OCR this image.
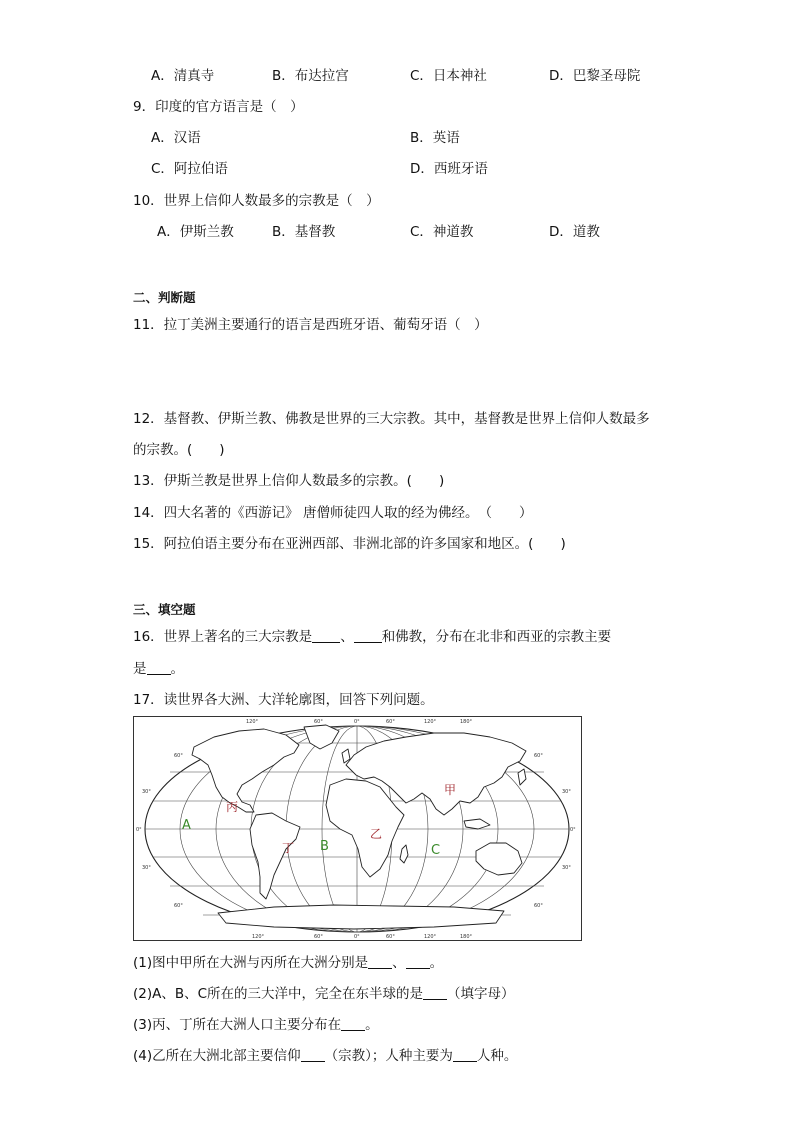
A．清真寺	B．布达拉宫	C．日本神社	D．巴黎圣母院
9．印度的官方语言是（　）
A．汉语	B．英语
C．阿拉伯语	D．西班牙语
10．世界上信仰人数最多的宗教是（　）
A．伊斯兰教	B．基督教	C．神道教	D．道教
二、判断题
11．拉丁美洲主要通行的语言是西班牙语、葡萄牙语（　）
12．基督教、伊斯兰教、佛教是世界的三大宗教。其中，基督教是世界上信仰人数最多
的宗教。(　　)
13．伊斯兰教是世界上信仰人数最多的宗教。(　　)
14．四大名著的《西游记》 唐僧师徒四人取的经为佛经。　（　　）
15．阿拉伯语主要分布在亚洲西部、非洲北部的许多国家和地区。(　　)
三、填空题
16．世界上著名的三大宗教是 、 和佛教，分布在北非和西亚的宗教主要
是 。
17．读世界各大洲、大洋轮廓图，回答下列问题。
120°	60°	0°	60°	120°	180°
120°	60°	0°	60°	120°	180°
60°
30°
0°
30°
60°
60°
30°
0°
30°
60°
丙
甲
乙
丁
A
B	C
(1)图中甲所在大洲与丙所在大洲分别是 、 。
(2)A、B、C所在的三大洋中，完全在东半球的是 （填字母）
(3)丙、丁所在大洲人口主要分布在 。
(4)乙所在大洲北部主要信仰 （宗教）；人种主要为 人种。
